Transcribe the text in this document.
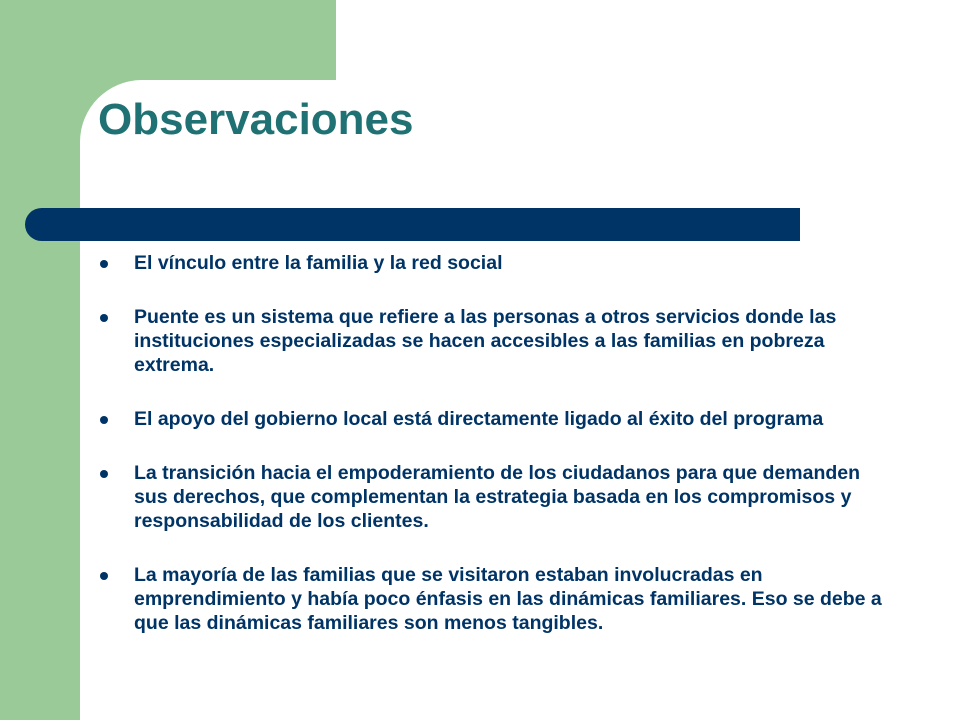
Observaciones
El vínculo entre la familia y la red social
Puente es un sistema que refiere a las personas a otros servicios donde las instituciones especializadas se hacen accesibles a las familias en pobreza extrema.
El apoyo del gobierno local está directamente ligado al éxito del programa
La transición hacia el empoderamiento de los ciudadanos para que demanden sus derechos, que complementan la estrategia basada en los compromisos y responsabilidad de los clientes.
La mayoría de las familias que se visitaron estaban involucradas en emprendimiento y había poco énfasis en las dinámicas familiares. Eso se debe a que las dinámicas familiares son menos tangibles.
